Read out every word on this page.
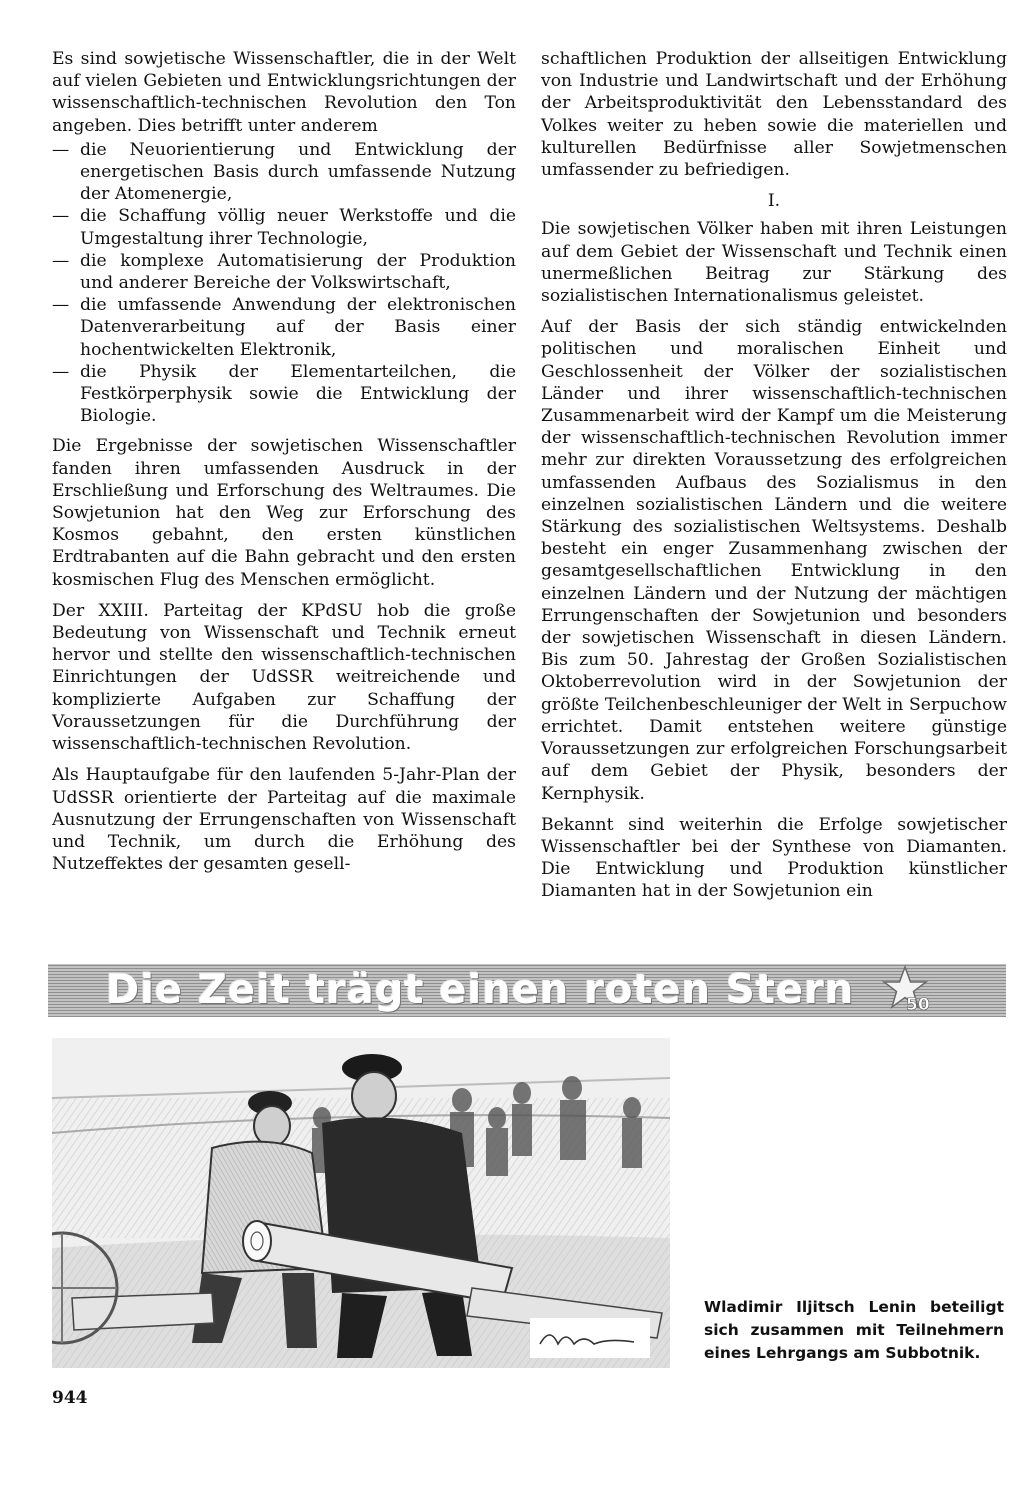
Es sind sowjetische Wissenschaftler, die in der Welt auf vielen Gebieten und Entwicklungsrichtungen der wissenschaftlich-technischen Revolution den Ton angeben. Dies betrifft unter anderem

— die Neuorientierung und Entwicklung der energetischen Basis durch umfassende Nutzung der Atomenergie,
— die Schaffung völlig neuer Werkstoffe und die Umgestaltung ihrer Technologie,
— die komplexe Automatisierung der Produktion und anderer Bereiche der Volkswirtschaft,
— die umfassende Anwendung der elektronischen Datenverarbeitung auf der Basis einer hochentwickelten Elektronik,
— die Physik der Elementarteilchen, die Festkörperphysik sowie die Entwicklung der Biologie.

Die Ergebnisse der sowjetischen Wissenschaftler fanden ihren umfassenden Ausdruck in der Erschließung und Erforschung des Weltraumes. Die Sowjetunion hat den Weg zur Erforschung des Kosmos gebahnt, den ersten künstlichen Erdtrabanten auf die Bahn gebracht und den ersten kosmischen Flug des Menschen ermöglicht.

Der XXIII. Parteitag der KPdSU hob die große Bedeutung von Wissenschaft und Technik erneut hervor und stellte den wissenschaftlich-technischen Einrichtungen der UdSSR weitreichende und komplizierte Aufgaben zur Schaffung der Voraussetzungen für die Durchführung der wissenschaftlich-technischen Revolution.

Als Hauptaufgabe für den laufenden 5-Jahr-Plan der UdSSR orientierte der Parteitag auf die maximale Ausnutzung der Errungenschaften von Wissenschaft und Technik, um durch die Erhöhung des Nutzeffektes der gesamten gesell-

schaftlichen Produktion der allseitigen Entwicklung von Industrie und Landwirtschaft und der Erhöhung der Arbeitsproduktivität den Lebensstandard des Volkes weiter zu heben sowie die materiellen und kulturellen Bedürfnisse aller Sowjetmenschen umfassender zu befriedigen.

I.

Die sowjetischen Völker haben mit ihren Leistungen auf dem Gebiet der Wissenschaft und Technik einen unermeßlichen Beitrag zur Stärkung des sozialistischen Internationalismus geleistet.

Auf der Basis der sich ständig entwickelnden politischen und moralischen Einheit und Geschlossenheit der Völker der sozialistischen Länder und ihrer wissenschaftlich-technischen Zusammenarbeit wird der Kampf um die Meisterung der wissenschaftlich-technischen Revolution immer mehr zur direkten Voraussetzung des erfolgreichen umfassenden Aufbaus des Sozialismus in den einzelnen sozialistischen Ländern und die weitere Stärkung des sozialistischen Weltsystems. Deshalb besteht ein enger Zusammenhang zwischen der gesamtgesellschaftlichen Entwicklung in den einzelnen Ländern und der Nutzung der mächtigen Errungenschaften der Sowjetunion und besonders der sowjetischen Wissenschaft in diesen Ländern. Bis zum 50. Jahrestag der Großen Sozialistischen Oktoberrevolution wird in der Sowjetunion der größte Teilchenbeschleuniger der Welt in Serpuchow errichtet. Damit entstehen weitere günstige Voraussetzungen zur erfolgreichen Forschungsarbeit auf dem Gebiet der Physik, besonders der Kernphysik.

Bekannt sind weiterhin die Erfolge sowjetischer Wissenschaftler bei der Synthese von Diamanten. Die Entwicklung und Produktion künstlicher Diamanten hat in der Sowjetunion ein

Die Zeit trägt einen roten Stern	50

Wladimir Iljitsch Lenin beteiligt sich zusammen mit Teilnehmern eines Lehrgangs am Subbotnik.

944
